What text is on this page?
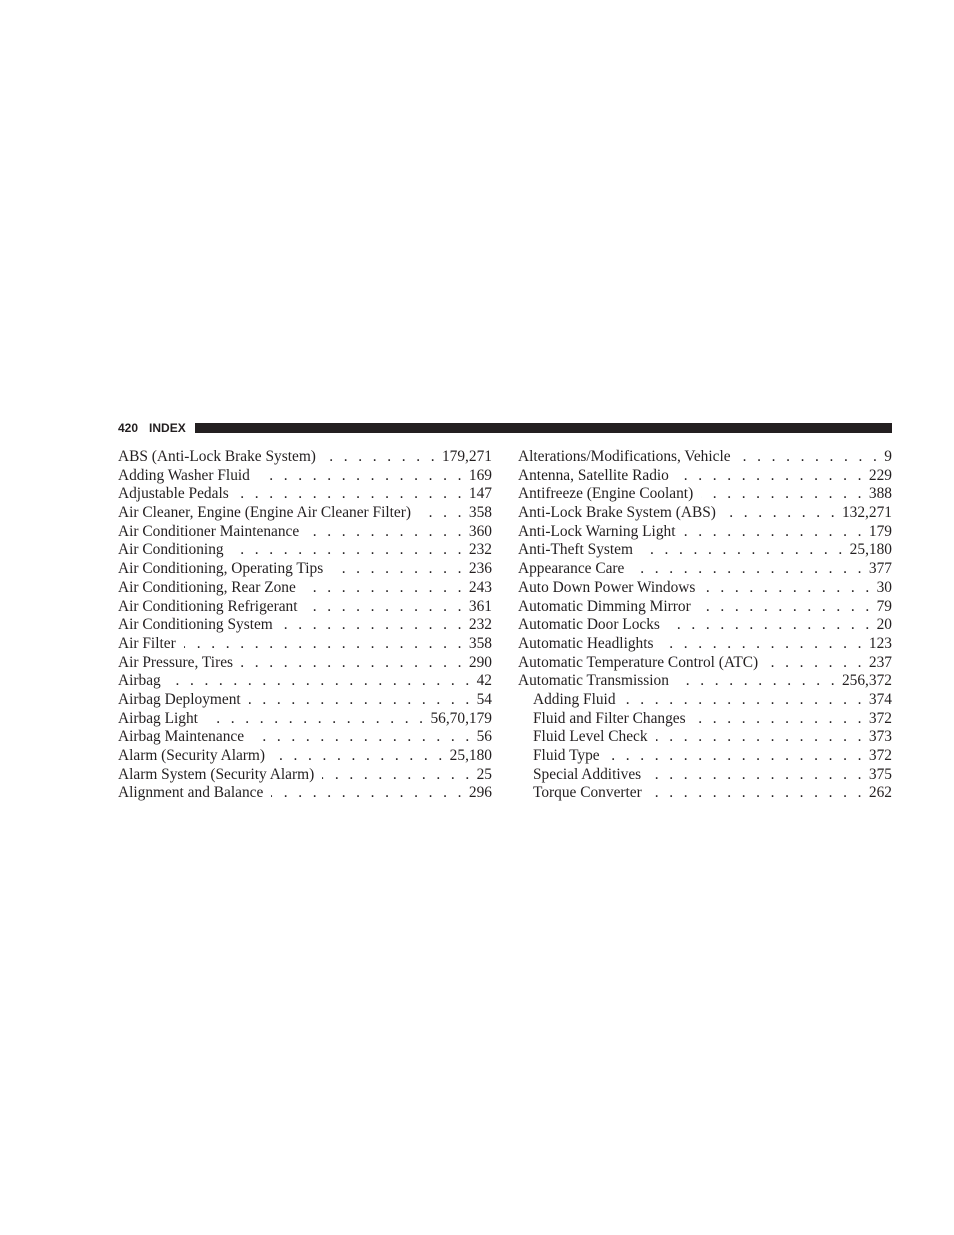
420 INDEX
ABS (Anti-Lock Brake System) . . .	179,271
Adding Washer Fluid . . .	169
Adjustable Pedals . . .	147
Air Cleaner, Engine (Engine Air Cleaner Filter) . . .	358
Air Conditioner Maintenance . . .	360
Air Conditioning . . .	232
Air Conditioning, Operating Tips . . .	236
Air Conditioning, Rear Zone . . .	243
Air Conditioning Refrigerant . . .	361
Air Conditioning System . . .	232
Air Filter . . .	358
Air Pressure, Tires . . .	290
Airbag . . .	42
Airbag Deployment . . .	54
Airbag Light . . .	56,70,179
Airbag Maintenance . . .	56
Alarm (Security Alarm) . . .	25,180
Alarm System (Security Alarm) . . .	25
Alignment and Balance . . .	296
Alterations/Modifications, Vehicle . . .	9
Antenna, Satellite Radio . . .	229
Antifreeze (Engine Coolant) . . .	388
Anti-Lock Brake System (ABS) . . .	132,271
Anti-Lock Warning Light . . .	179
Anti-Theft System . . .	25,180
Appearance Care . . .	377
Auto Down Power Windows . . .	30
Automatic Dimming Mirror . . .	79
Automatic Door Locks . . .	20
Automatic Headlights . . .	123
Automatic Temperature Control (ATC) . . .	237
Automatic Transmission . . .	256,372
Adding Fluid . . .	374
Fluid and Filter Changes . . .	372
Fluid Level Check . . .	373
Fluid Type . . .	372
Special Additives . . .	375
Torque Converter . . .	262
